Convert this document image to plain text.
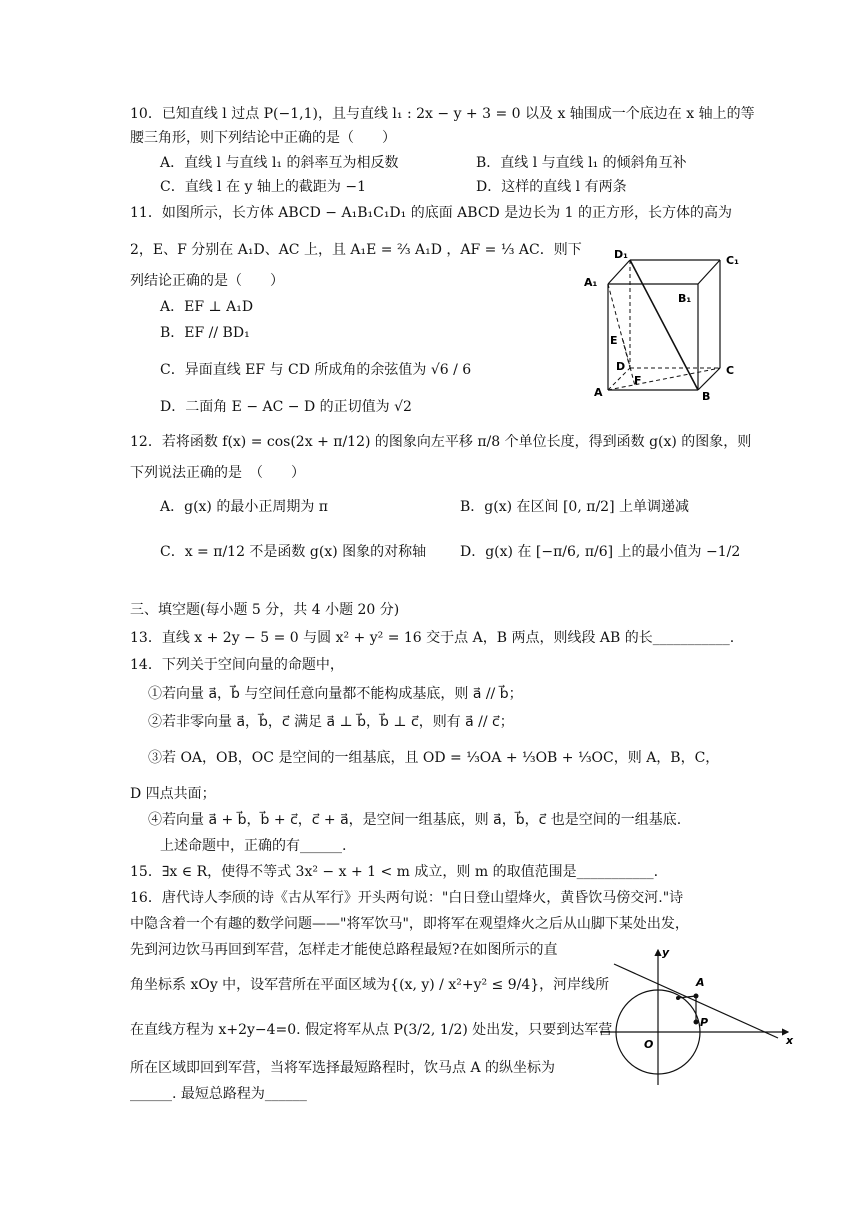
10．已知直线 l 过点 P(−1,1)，且与直线 l₁ : 2x − y + 3 = 0 以及 x 轴围成一个底边在 x 轴上的等
腰三角形，则下列结论中正确的是（　　）
A．直线 l 与直线 l₁ 的斜率互为相反数	B．直线 l 与直线 l₁ 的倾斜角互补
C．直线 l 在 y 轴上的截距为 −1	D．这样的直线 l 有两条
11．如图所示，长方体 ABCD − A₁B₁C₁D₁ 的底面 ABCD 是边长为 1 的正方形，长方体的高为
2，E、F 分别在 A₁D、AC 上，且 A₁E = ⅔ A₁D ，AF = ⅓ AC．则下
列结论正确的是（　　）
A．EF ⊥ A₁D
B．EF // BD₁
C．异面直线 EF 与 CD 所成角的余弦值为 √6 / 6
D．二面角 E − AC − D 的正切值为 √2
D₁	C₁
A₁
B₁
E
D	C
F
A	B
12．若将函数 f(x) = cos(2x + π/12) 的图象向左平移 π/8 个单位长度，得到函数 g(x) 的图象，则
下列说法正确的是　（　　）
A．g(x) 的最小正周期为 π	B．g(x) 在区间 [0, π/2] 上单调递减
C．x = π/12 不是函数 g(x) 图象的对称轴 D．g(x) 在 [−π/6, π/6] 上的最小值为 −1/2
三、填空题(每小题 5 分，共 4 小题 20 分)
13．直线 x + 2y − 5 = 0 与圆 x² + y² = 16 交于点 A，B 两点，则线段 AB 的长___________.
14．下列关于空间向量的命题中，
①若向量 a⃗，b⃗ 与空间任意向量都不能构成基底，则 a⃗ // b⃗；
②若非零向量 a⃗，b⃗，c⃗ 满足 a⃗ ⊥ b⃗，b⃗ ⊥ c⃗，则有 a⃗ // c⃗；
③若 OA，OB，OC 是空间的一组基底，且 OD = ⅓OA + ⅓OB + ⅓OC，则 A，B，C，
D 四点共面；
④若向量 a⃗ + b⃗，b⃗ + c⃗，c⃗ + a⃗，是空间一组基底，则 a⃗，b⃗，c⃗ 也是空间的一组基底.
上述命题中，正确的有______.
15．∃x ∈ R，使得不等式 3x² − x + 1 < m 成立，则 m 的取值范围是___________.
16．唐代诗人李颀的诗《古从军行》开头两句说："白日登山望烽火，黄昏饮马傍交河."诗
中隐含着一个有趣的数学问题——"将军饮马"，即将军在观望烽火之后从山脚下某处出发，
先到河边饮马再回到军营，怎样走才能使总路程最短?在如图所示的直
角坐标系 xOy 中，设军营所在平面区域为{(x, y) / x²+y² ≤ 9/4}，河岸线所
在直线方程为 x+2y−4=0. 假定将军从点 P(3/2, 1/2) 处出发，只要到达军营
所在区域即回到军营，当将军选择最短路程时，饮马点 A 的纵坐标为
______. 最短总路程为______
y
x
O
A
P
